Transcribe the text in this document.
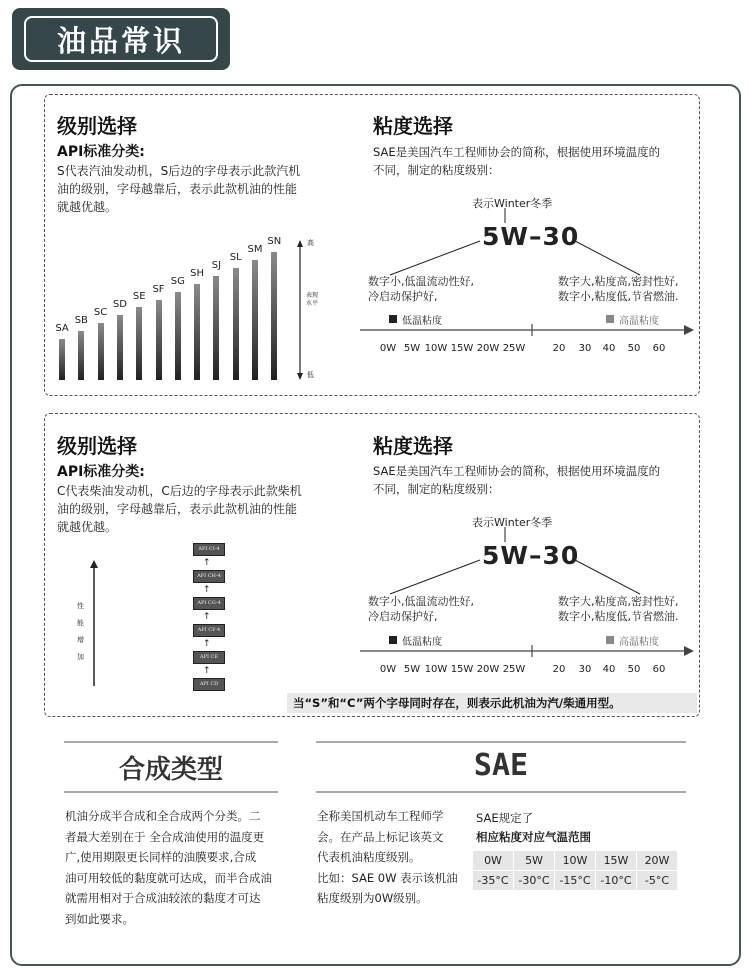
油品常识
级别选择
API标准分类:
S代表汽油发动机，S后边的字母表示此款汽机
油的级别，字母越靠后，表示此款机油的性能
就越优越。
SA
SB
SC
SD
SE
SF
SG
SH
SJ
SL
SM
SN	高
表现水平
低
粘度选择
SAE是美国汽车工程师协会的简称，根据使用环境温度的
不同，制定的粘度级别：
表示Winter冬季
5W–30
数字小,低温流动性好,
冷启动保护好,
数字大,粘度高,密封性好,
数字小,粘度低,节省燃油.
低温粘度	高温粘度
0W 5W 10W 15W 20W 25W	20	30	40	50	60
级别选择
API标准分类:
C代表柴油发动机，C后边的字母表示此款柴机
油的级别，字母越靠后，表示此款机油的性能
就越优越。
性
能
增
加
API CI-4
API CH-4
↑
API CG-4
↑
API CF-4
↑
API CE
↑
API CD
↑
粘度选择
SAE是美国汽车工程师协会的简称，根据使用环境温度的
不同，制定的粘度级别：
表示Winter冬季
5W–30
数字小,低温流动性好,
冷启动保护好,
数字大,粘度高,密封性好,
数字小,粘度低,节省燃油.
低温粘度	高温粘度
0W 5W 10W 15W 20W 25W	20	30	40	50	60
当“S”和“C”两个字母同时存在，则表示此机油为汽/柴通用型。
合成类型
机油分成半合成和全合成两个分类。二
者最大差别在于 全合成油使用的温度更
广,使用期限更长同样的油膜要求,合成
油可用较低的黏度就可达成，而半合成油
就需用相对于合成油较浓的黏度才可达
到如此要求。
SAE
全称美国机动车工程师学
会。在产品上标记该英文
代表机油粘度级别。
比如：SAE 0W 表示该机油
粘度级别为0W级别。
SAE规定了
相应粘度对应气温范围
0W	5W	10W	15W	20W
-35°C	-30°C	-15°C	-10°C	-5°C
